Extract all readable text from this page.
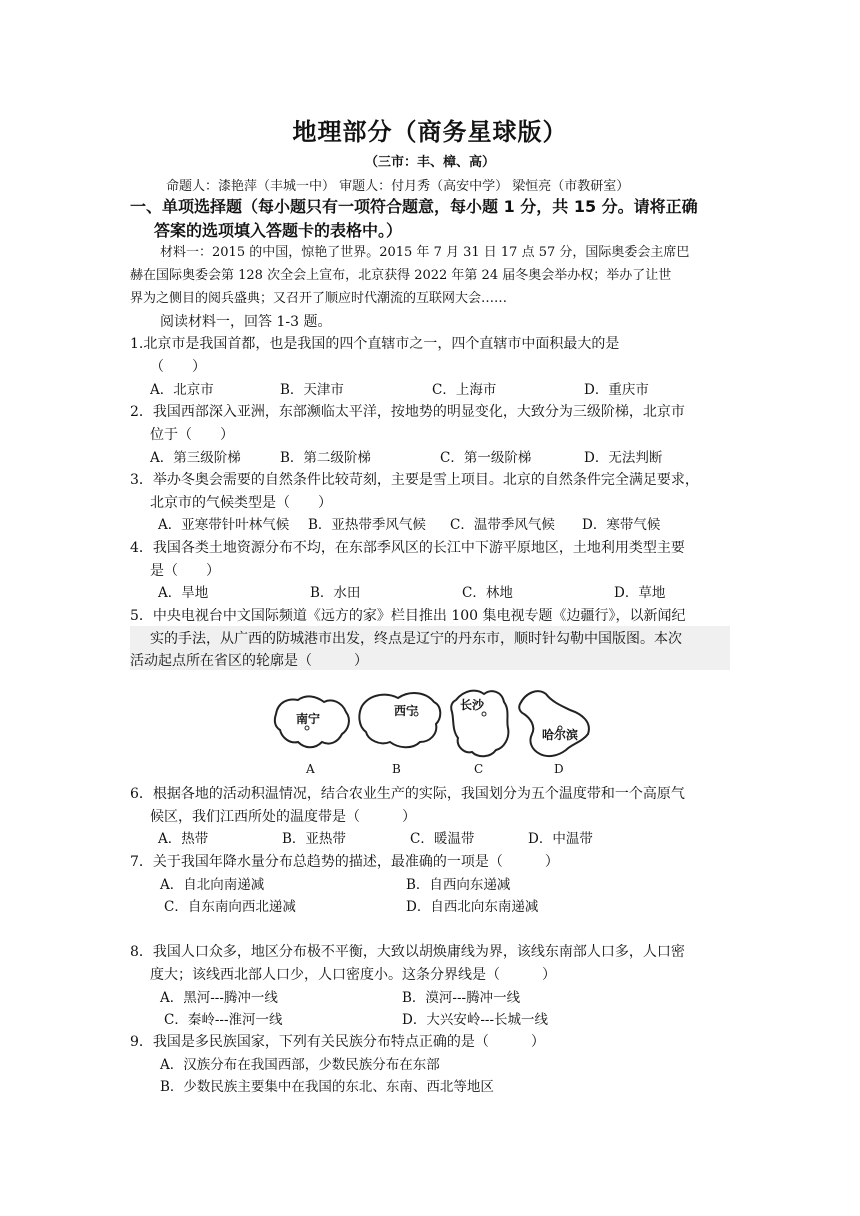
地理部分（商务星球版）
（三市：丰、樟、高）
命题人：漆艳萍（丰城一中） 审题人：付月秀（高安中学） 梁恒亮（市教研室）
一、单项选择题（每小题只有一项符合题意，每小题 1 分，共 15 分。请将正确
答案的选项填入答题卡的表格中。）
材料一：2015 的中国，惊艳了世界。2015 年 7 月 31 日 17 点 57 分，国际奥委会主席巴
赫在国际奥委会第 128 次全会上宣布，北京获得 2022 年第 24 届冬奥会举办权；举办了让世
界为之侧目的阅兵盛典；又召开了顺应时代潮流的互联网大会……
阅读材料一，回答 1-3 题。
1.北京市是我国首都，也是我国的四个直辖市之一，四个直辖市中面积最大的是
（　　）
A．北京市	B．天津市	C．上海市	D．重庆市
2．我国西部深入亚洲，东部濒临太平洋，按地势的明显变化，大致分为三级阶梯，北京市
位于（　　）
A．第三级阶梯	B．第二级阶梯	C．第一级阶梯	D．无法判断
3．举办冬奥会需要的自然条件比较苛刻，主要是雪上项目。北京的自然条件完全满足要求，
北京市的气候类型是（　　）
A．亚寒带针叶林气候 B．亚热带季风气候 C．温带季风气候 D．寒带气候
4．我国各类土地资源分布不均，在东部季风区的长江中下游平原地区，土地利用类型主要
是（　　）
A．旱地	B．水田	C．林地	D．草地
5．中央电视台中文国际频道《远方的家》栏目推出 100 集电视专题《边疆行》，以新闻纪
实的手法，从广西的防城港市出发，终点是辽宁的丹东市，顺时针勾勒中国版图。本次
活动起点所在省区的轮廓是（　　　）
南宁
西宁	长沙
哈尔滨
A	B	C	D
6．根据各地的活动积温情况，结合农业生产的实际，我国划分为五个温度带和一个高原气
候区，我们江西所处的温度带是（　　　）
A．热带	B．亚热带	C．暖温带	D．中温带
7．关于我国年降水量分布总趋势的描述，最准确的一项是（　　　）
A．自北向南递减	B．自西向东递减
C．自东南向西北递减	D．自西北向东南递减
8．我国人口众多，地区分布极不平衡，大致以胡焕庸线为界，该线东南部人口多，人口密
度大；该线西北部人口少，人口密度小。这条分界线是（　　　）
A．黑河---腾冲一线	B．漠河---腾冲一线
C．秦岭---淮河一线	D．大兴安岭---长城一线
9．我国是多民族国家，下列有关民族分布特点正确的是（　　　）
A．汉族分布在我国西部，少数民族分布在东部
B．少数民族主要集中在我国的东北、东南、西北等地区
